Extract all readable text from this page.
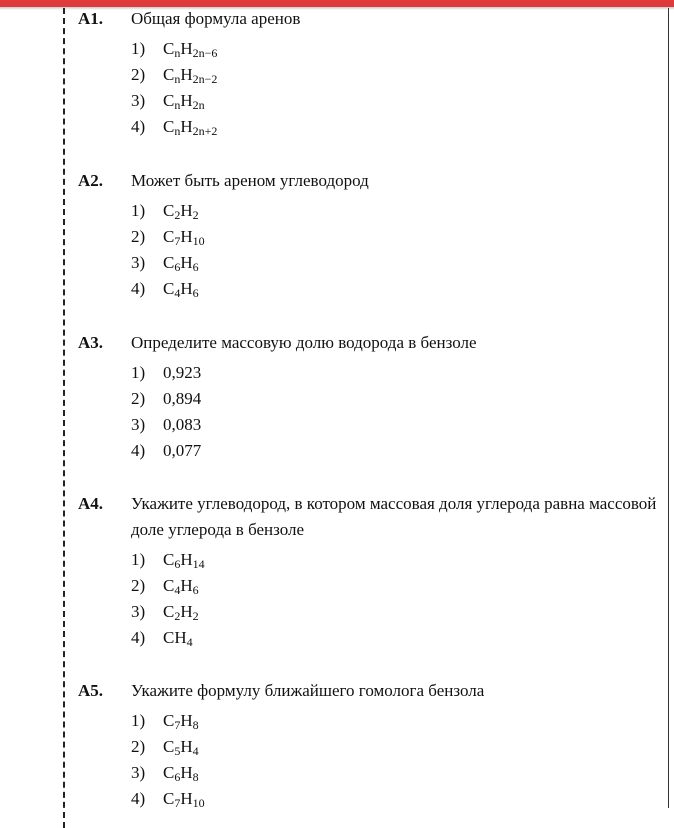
A1.	Общая формула аренов
1)	$C_nH_{2n-6}$
2)	$C_nH_{2n-2}$
3)	$C_nH_{2n}$
4)	$C_nH_{2n+2}$
A2.	Может быть ареном углеводород
1)	$C_2H_2$
2)	$C_7H_{10}$
3)	$C_6H_6$
4)	$C_4H_6$
A3.	Определите массовую долю водорода в бензоле
1)	0,923
2)	0,894
3)	0,083
4)	0,077
A4.	Укажите углеводород, в котором массовая доля углерода равна массовой доле углерода в бензоле
1)	$C_6H_{14}$
2)	$C_4H_6$
3)	$C_2H_2$
4)	$CH_4$
A5.	Укажите формулу ближайшего гомолога бензола
1)	$C_7H_8$
2)	$C_5H_4$
3)	$C_6H_8$
4)	$C_7H_{10}$
